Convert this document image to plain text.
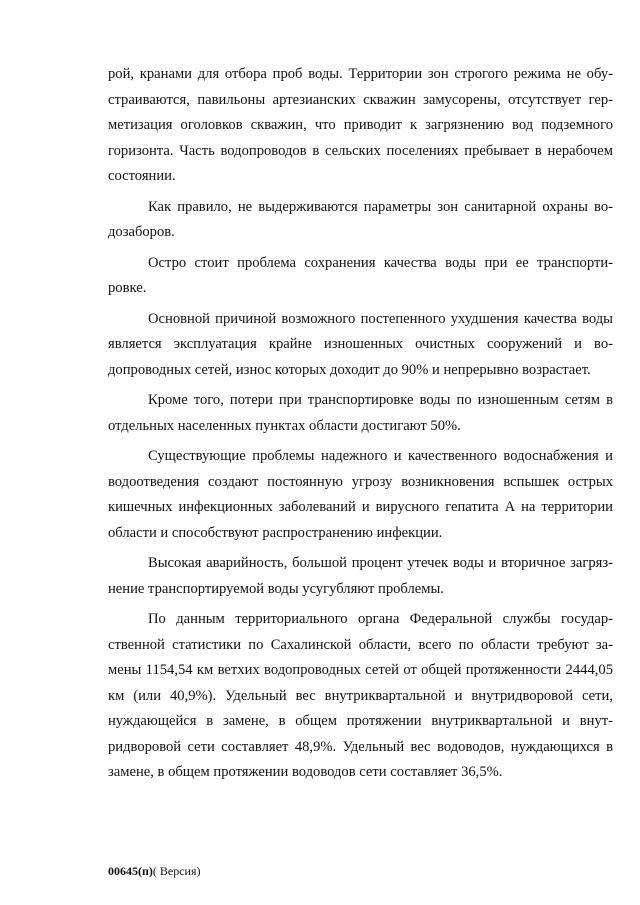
рой, кранами для отбора проб воды. Территории зон строгого режима не обу-страиваются, павильоны артезианских скважин замусорены, отсутствует гер-метизация оголовков скважин, что приводит к загрязнению вод подземного горизонта. Часть водопроводов в сельских поселениях пребывает в нерабочем состоянии.

Как правило, не выдерживаются параметры зон санитарной охраны во-дозаборов.

Остро стоит проблема сохранения качества воды при ее транспорти-ровке.

Основной причиной возможного постепенного ухудшения качества воды является эксплуатация крайне изношенных очистных сооружений и во-допроводных сетей, износ которых доходит до 90% и непрерывно возрастает.

Кроме того, потери при транспортировке воды по изношенным сетям в отдельных населенных пунктах области достигают 50%.

Существующие проблемы надежного и качественного водоснабжения и водоотведения создают постоянную угрозу возникновения вспышек острых кишечных инфекционных заболеваний и вирусного гепатита А на территории области и способствуют распространению инфекции.

Высокая аварийность, большой процент утечек воды и вторичное загряз-нение транспортируемой воды усугубляют проблемы.

По данным территориального органа Федеральной службы государ-ственной статистики по Сахалинской области, всего по области требуют за-мены 1154,54 км ветхих водопроводных сетей от общей протяженности 2444,05 км (или 40,9%). Удельный вес внутриквартальной и внутридворовой сети, нуждающейся в замене, в общем протяжении внутриквартальной и внут-ридворовой сети составляет 48,9%. Удельный вес водоводов, нуждающихся в замене, в общем протяжении водоводов сети составляет 36,5%.

00645(п)( Версия)
